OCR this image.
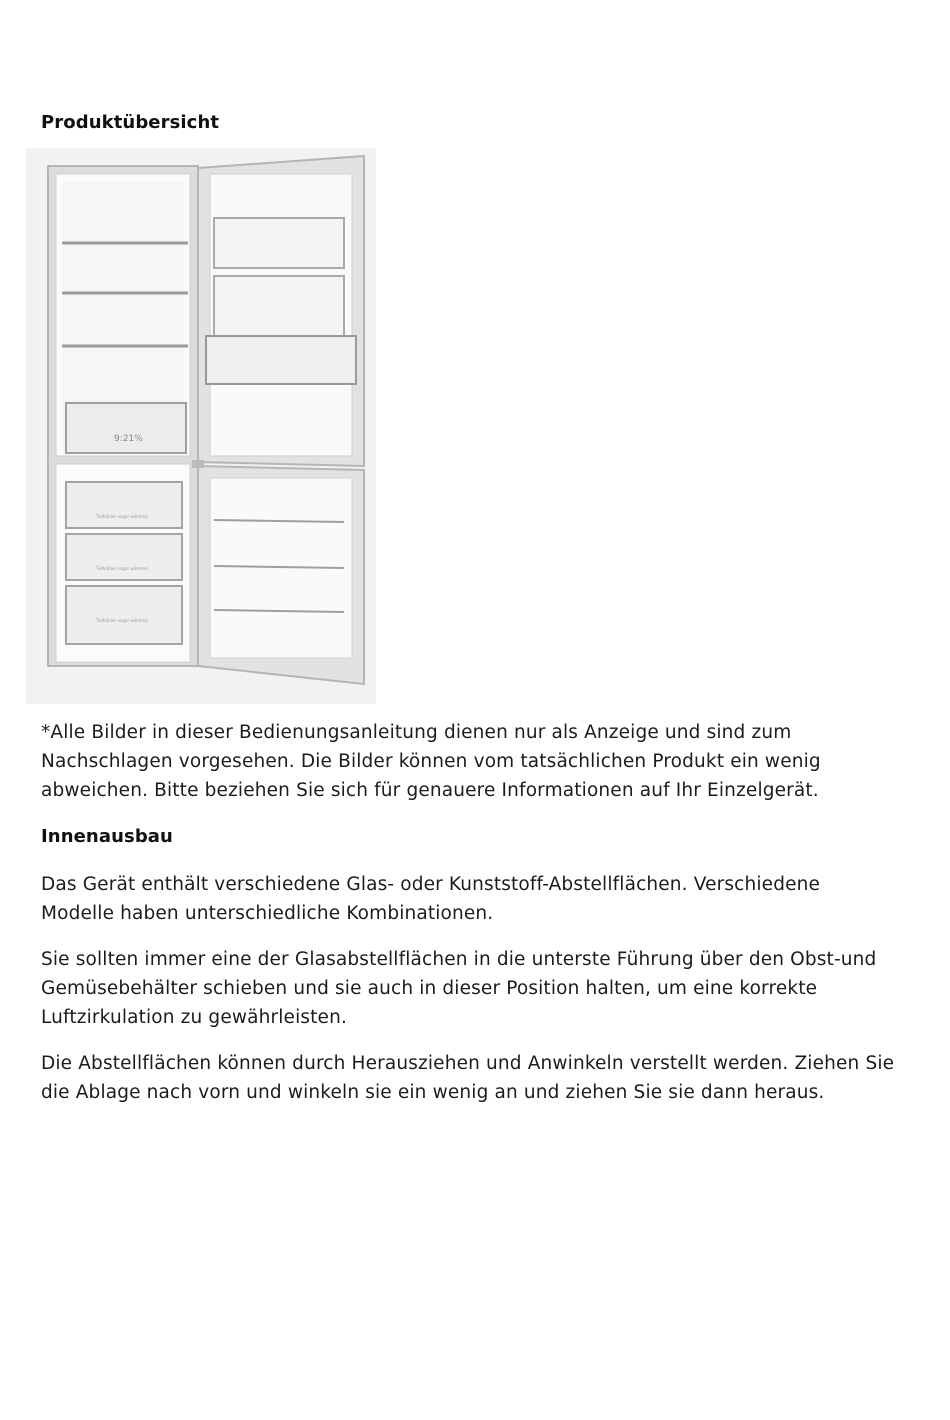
Produktübersicht
9:21%
Tiefkühlen sogar während
Tiefkühlen sogar während
Tiefkühlen sogar während

*Alle Bilder in dieser Bedienungsanleitung dienen nur als Anzeige und sind zum Nachschlagen vorgesehen. Die Bilder können vom tatsächlichen Produkt ein wenig abweichen. Bitte beziehen Sie sich für genauere Informationen auf Ihr Einzelgerät.

Innenausbau

Das Gerät enthält verschiedene Glas- oder Kunststoff-Abstellflächen. Verschiedene Modelle haben unterschiedliche Kombinationen.

Sie sollten immer eine der Glasabstellflächen in die unterste Führung über den Obst-und Gemüsebehälter schieben und sie auch in dieser Position halten, um eine korrekte Luftzirkulation zu gewährleisten.

Die Abstellflächen können durch Herausziehen und Anwinkeln verstellt werden. Ziehen Sie die Ablage nach vorn und winkeln sie ein wenig an und ziehen Sie sie dann heraus.
